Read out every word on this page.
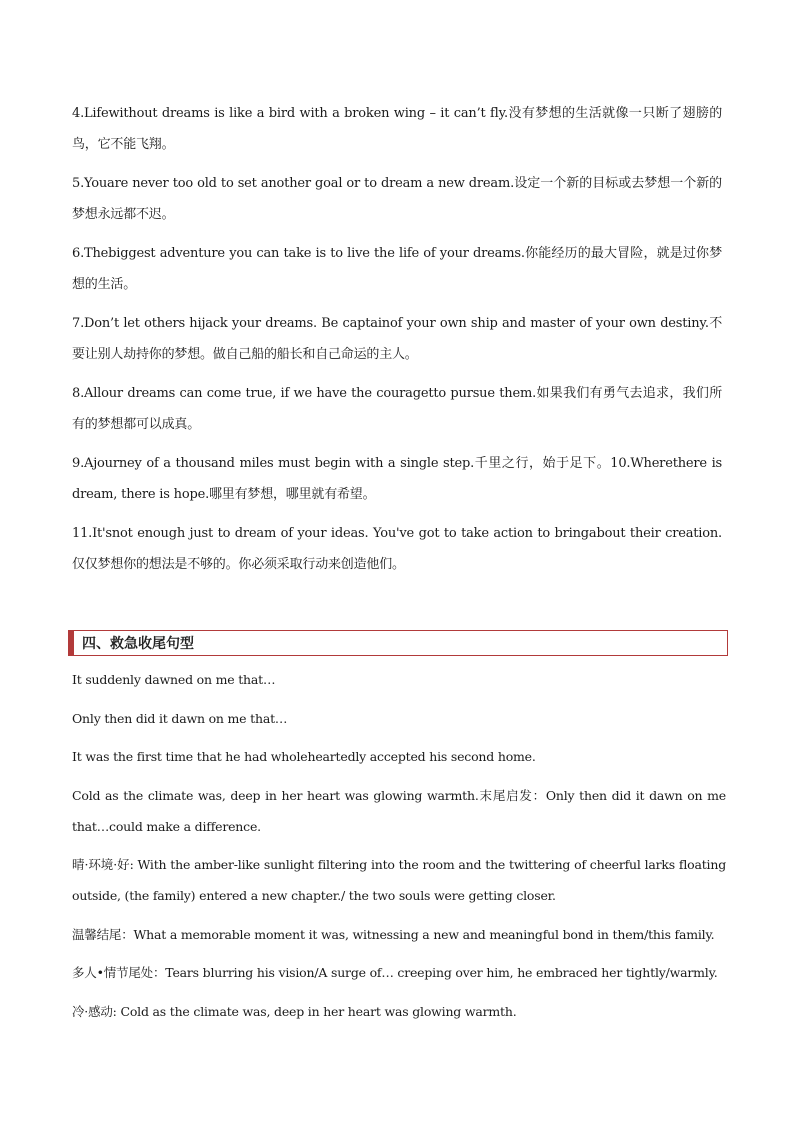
4.Lifewithout dreams is like a bird with a broken wing – it can’t fly.没有梦想的生活就像一只断了翅膀的鸟，它不能飞翔。

5.Youare never too old to set another goal or to dream a new dream.设定一个新的目标或去梦想一个新的梦想永远都不迟。

6.Thebiggest adventure you can take is to live the life of your dreams.你能经历的最大冒险，就是过你梦想的生活。

7.Don’t let others hijack your dreams. Be captainof your own ship and master of your own destiny.不要让别人劫持你的梦想。做自己船的船长和自己命运的主人。

8.Allour dreams can come true, if we have the couragetto pursue them.如果我们有勇气去追求，我们所有的梦想都可以成真。

9.Ajourney of a thousand miles must begin with a single step.千里之行，始于足下。10.Wherethere is dream, there is hope.哪里有梦想，哪里就有希望。

11.It'snot enough just to dream of your ideas. You've got to take action to bringabout their creation.仅仅梦想你的想法是不够的。你必须采取行动来创造他们。

四、救急收尾句型

It suddenly dawned on me that…

Only then did it dawn on me that…

It was the first time that he had wholeheartedly accepted his second home.

Cold as the climate was, deep in her heart was glowing warmth.末尾启发：Only then did it dawn on me that…could make a difference.

晴·环境·好: With the amber-like sunlight filtering into the room and the twittering of cheerful larks floating outside, (the family) entered a new chapter./ the two souls were getting closer.

温馨结尾：What a memorable moment it was, witnessing a new and meaningful bond in them/this family.

多人•情节尾处：Tears blurring his vision/A surge of… creeping over him, he embraced her tightly/warmly.

冷·感动: Cold as the climate was, deep in her heart was glowing warmth.
